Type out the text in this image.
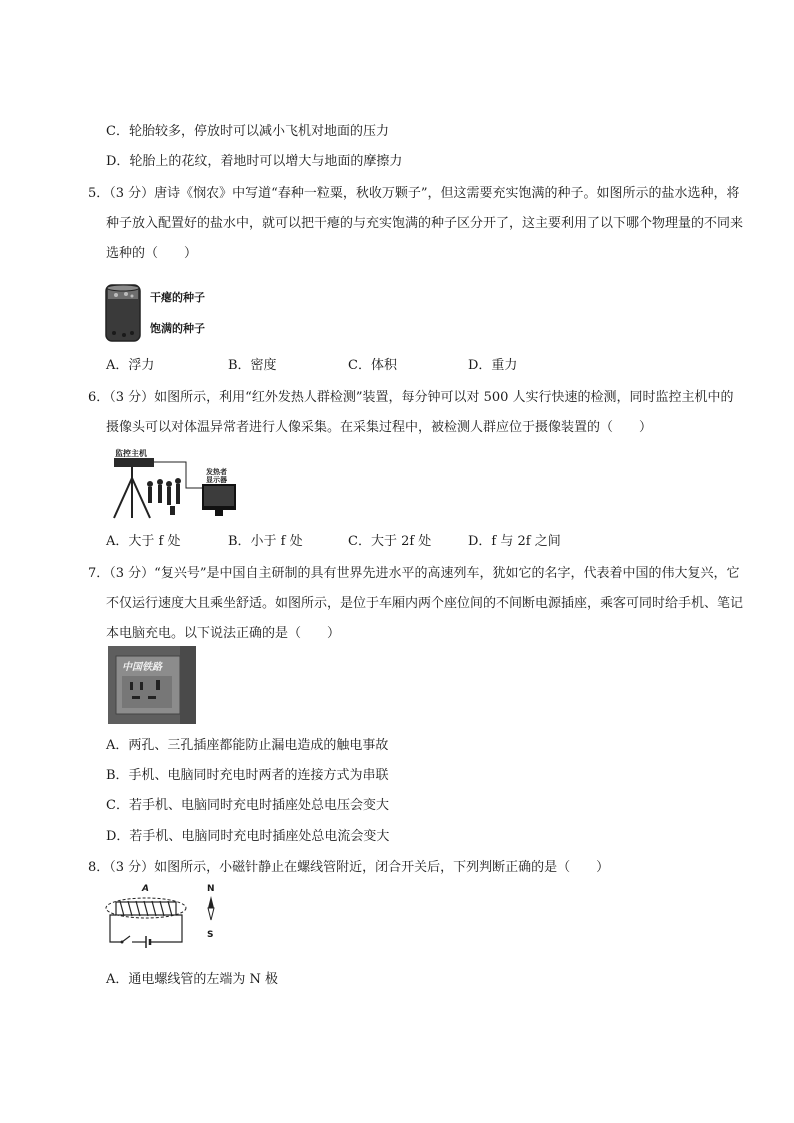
C．轮胎较多，停放时可以减小飞机对地面的压力
D．轮胎上的花纹，着地时可以增大与地面的摩擦力
5．（3 分）唐诗《悯农》中写道“春种一粒粟，秋收万颗子”，但这需要充实饱满的种子。如图所示的盐水选种，将
种子放入配置好的盐水中，就可以把干瘪的与充实饱满的种子区分开了，这主要利用了以下哪个物理量的不同来
选种的（　　）
干瘪的种子
饱满的种子
A．浮力	B．密度	C．体积	D．重力
6．（3 分）如图所示，利用“红外发热人群检测”装置，每分钟可以对 500 人实行快速的检测，同时监控主机中的
摄像头可以对体温异常者进行人像采集。在采集过程中，被检测人群应位于摄像装置的（　　）
监控主机
发热者显示器
A．大于 f 处	B．小于 f 处	C．大于 2f 处	D．f 与 2f 之间
7．（3 分）“复兴号”是中国自主研制的具有世界先进水平的高速列车，犹如它的名字，代表着中国的伟大复兴，它
不仅运行速度大且乘坐舒适。如图所示，是位于车厢内两个座位间的不间断电源插座，乘客可同时给手机、笔记
本电脑充电。以下说法正确的是（　　）
中国铁路
A．两孔、三孔插座都能防止漏电造成的触电事故
B．手机、电脑同时充电时两者的连接方式为串联
C．若手机、电脑同时充电时插座处总电压会变大
D．若手机、电脑同时充电时插座处总电流会变大
8．（3 分）如图所示，小磁针静止在螺线管附近，闭合开关后，下列判断正确的是（　　）
A	N
S
A．通电螺线管的左端为 N 极
